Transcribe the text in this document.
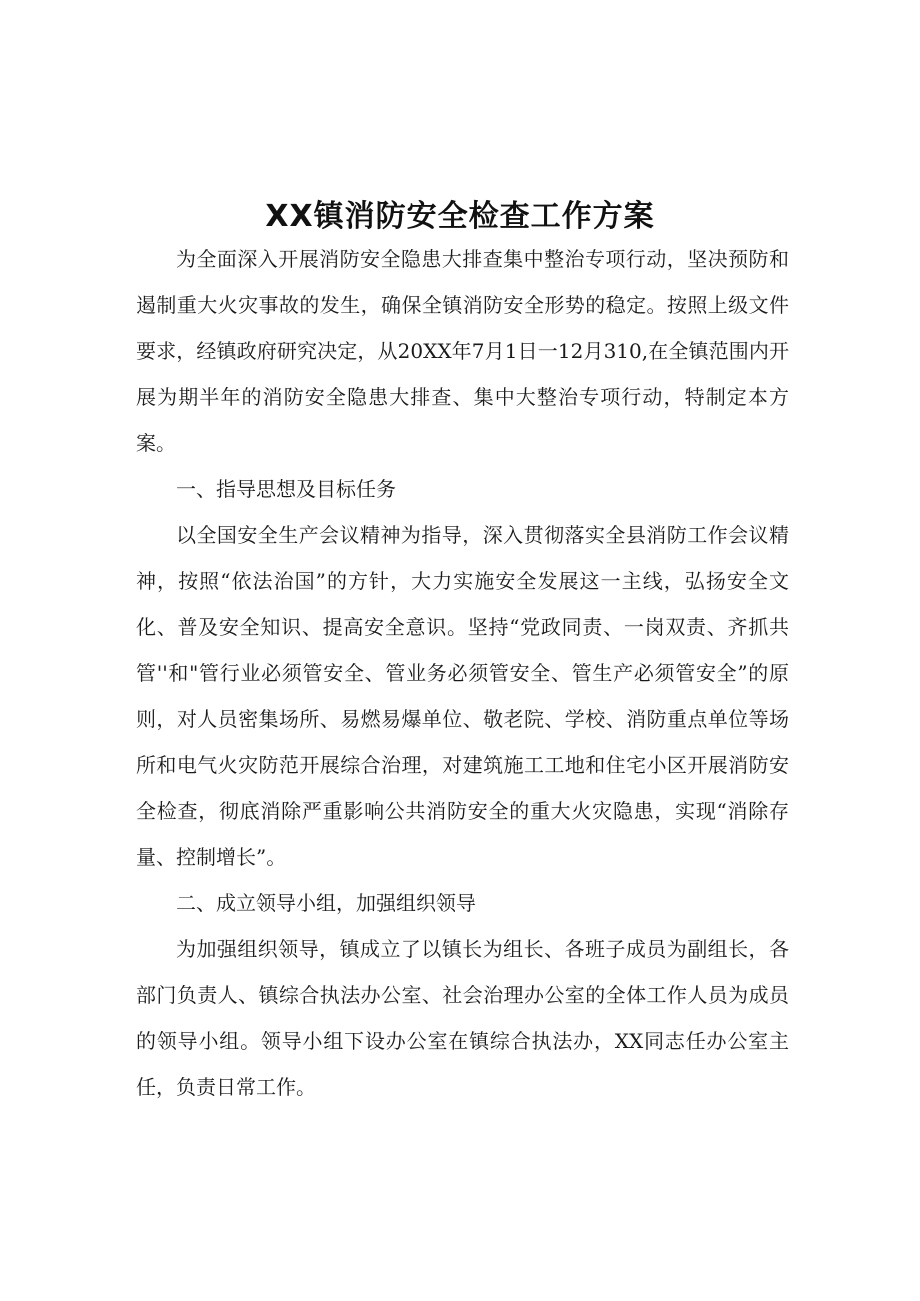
XX镇消防安全检查工作方案

为全面深入开展消防安全隐患大排查集中整治专项行动，坚决预防和遏制重大火灾事故的发生，确保全镇消防安全形势的稳定。按照上级文件要求，经镇政府研究决定，从20XX年7月1日一12月310,在全镇范围内开展为期半年的消防安全隐患大排查、集中大整治专项行动，特制定本方案。

一、指导思想及目标任务

以全国安全生产会议精神为指导，深入贯彻落实全县消防工作会议精神，按照“依法治国”的方针，大力实施安全发展这一主线，弘扬安全文化、普及安全知识、提高安全意识。坚持“党政同责、一岗双责、齐抓共管''和"管行业必须管安全、管业务必须管安全、管生产必须管安全”的原则，对人员密集场所、易燃易爆单位、敬老院、学校、消防重点单位等场所和电气火灾防范开展综合治理，对建筑施工工地和住宅小区开展消防安全检查，彻底消除严重影响公共消防安全的重大火灾隐患，实现“消除存量、控制增长”。

二、成立领导小组，加强组织领导

为加强组织领导，镇成立了以镇长为组长、各班子成员为副组长，各部门负责人、镇综合执法办公室、社会治理办公室的全体工作人员为成员的领导小组。领导小组下设办公室在镇综合执法办，XX同志任办公室主任，负责日常工作。
